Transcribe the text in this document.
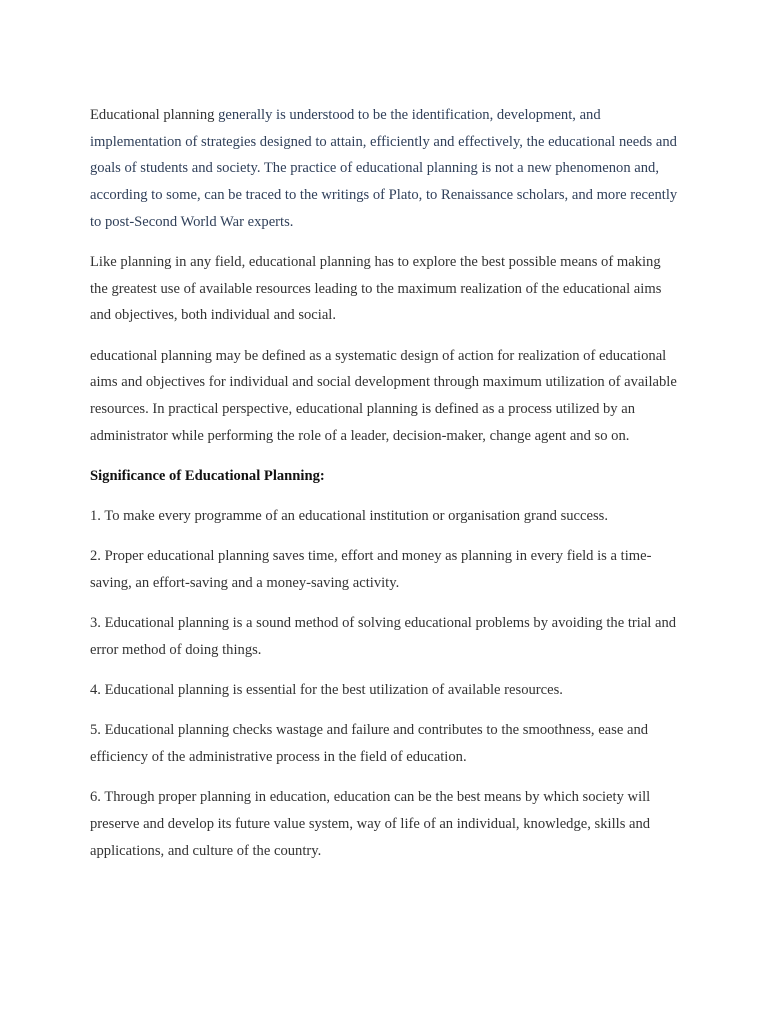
Educational planning generally is understood to be the identification, development, and implementation of strategies designed to attain, efficiently and effectively, the educational needs and goals of students and society. The practice of educational planning is not a new phenomenon and, according to some, can be traced to the writings of Plato, to Renaissance scholars, and more recently to post-Second World War experts.

Like planning in any field, educational planning has to explore the best possible means of making the greatest use of available resources leading to the maximum realization of the educational aims and objectives, both individual and social.

educational planning may be defined as a systematic design of action for realization of educational aims and objectives for individual and social development through maximum utilization of available resources. In practical perspective, educational planning is defined as a process utilized by an administrator while performing the role of a leader, decision-maker, change agent and so on.

Significance of Educational Planning:

1. To make every programme of an educational institution or organisation grand success.

2. Proper educational planning saves time, effort and money as planning in every field is a time-saving, an effort-saving and a money-saving activity.

3. Educational planning is a sound method of solving educational problems by avoiding the trial and error method of doing things.

4. Educational planning is essential for the best utilization of available resources.

5. Educational planning checks wastage and failure and contributes to the smoothness, ease and efficiency of the administrative process in the field of education.

6. Through proper planning in education, education can be the best means by which society will preserve and develop its future value system, way of life of an individual, knowledge, skills and applications, and culture of the country.
